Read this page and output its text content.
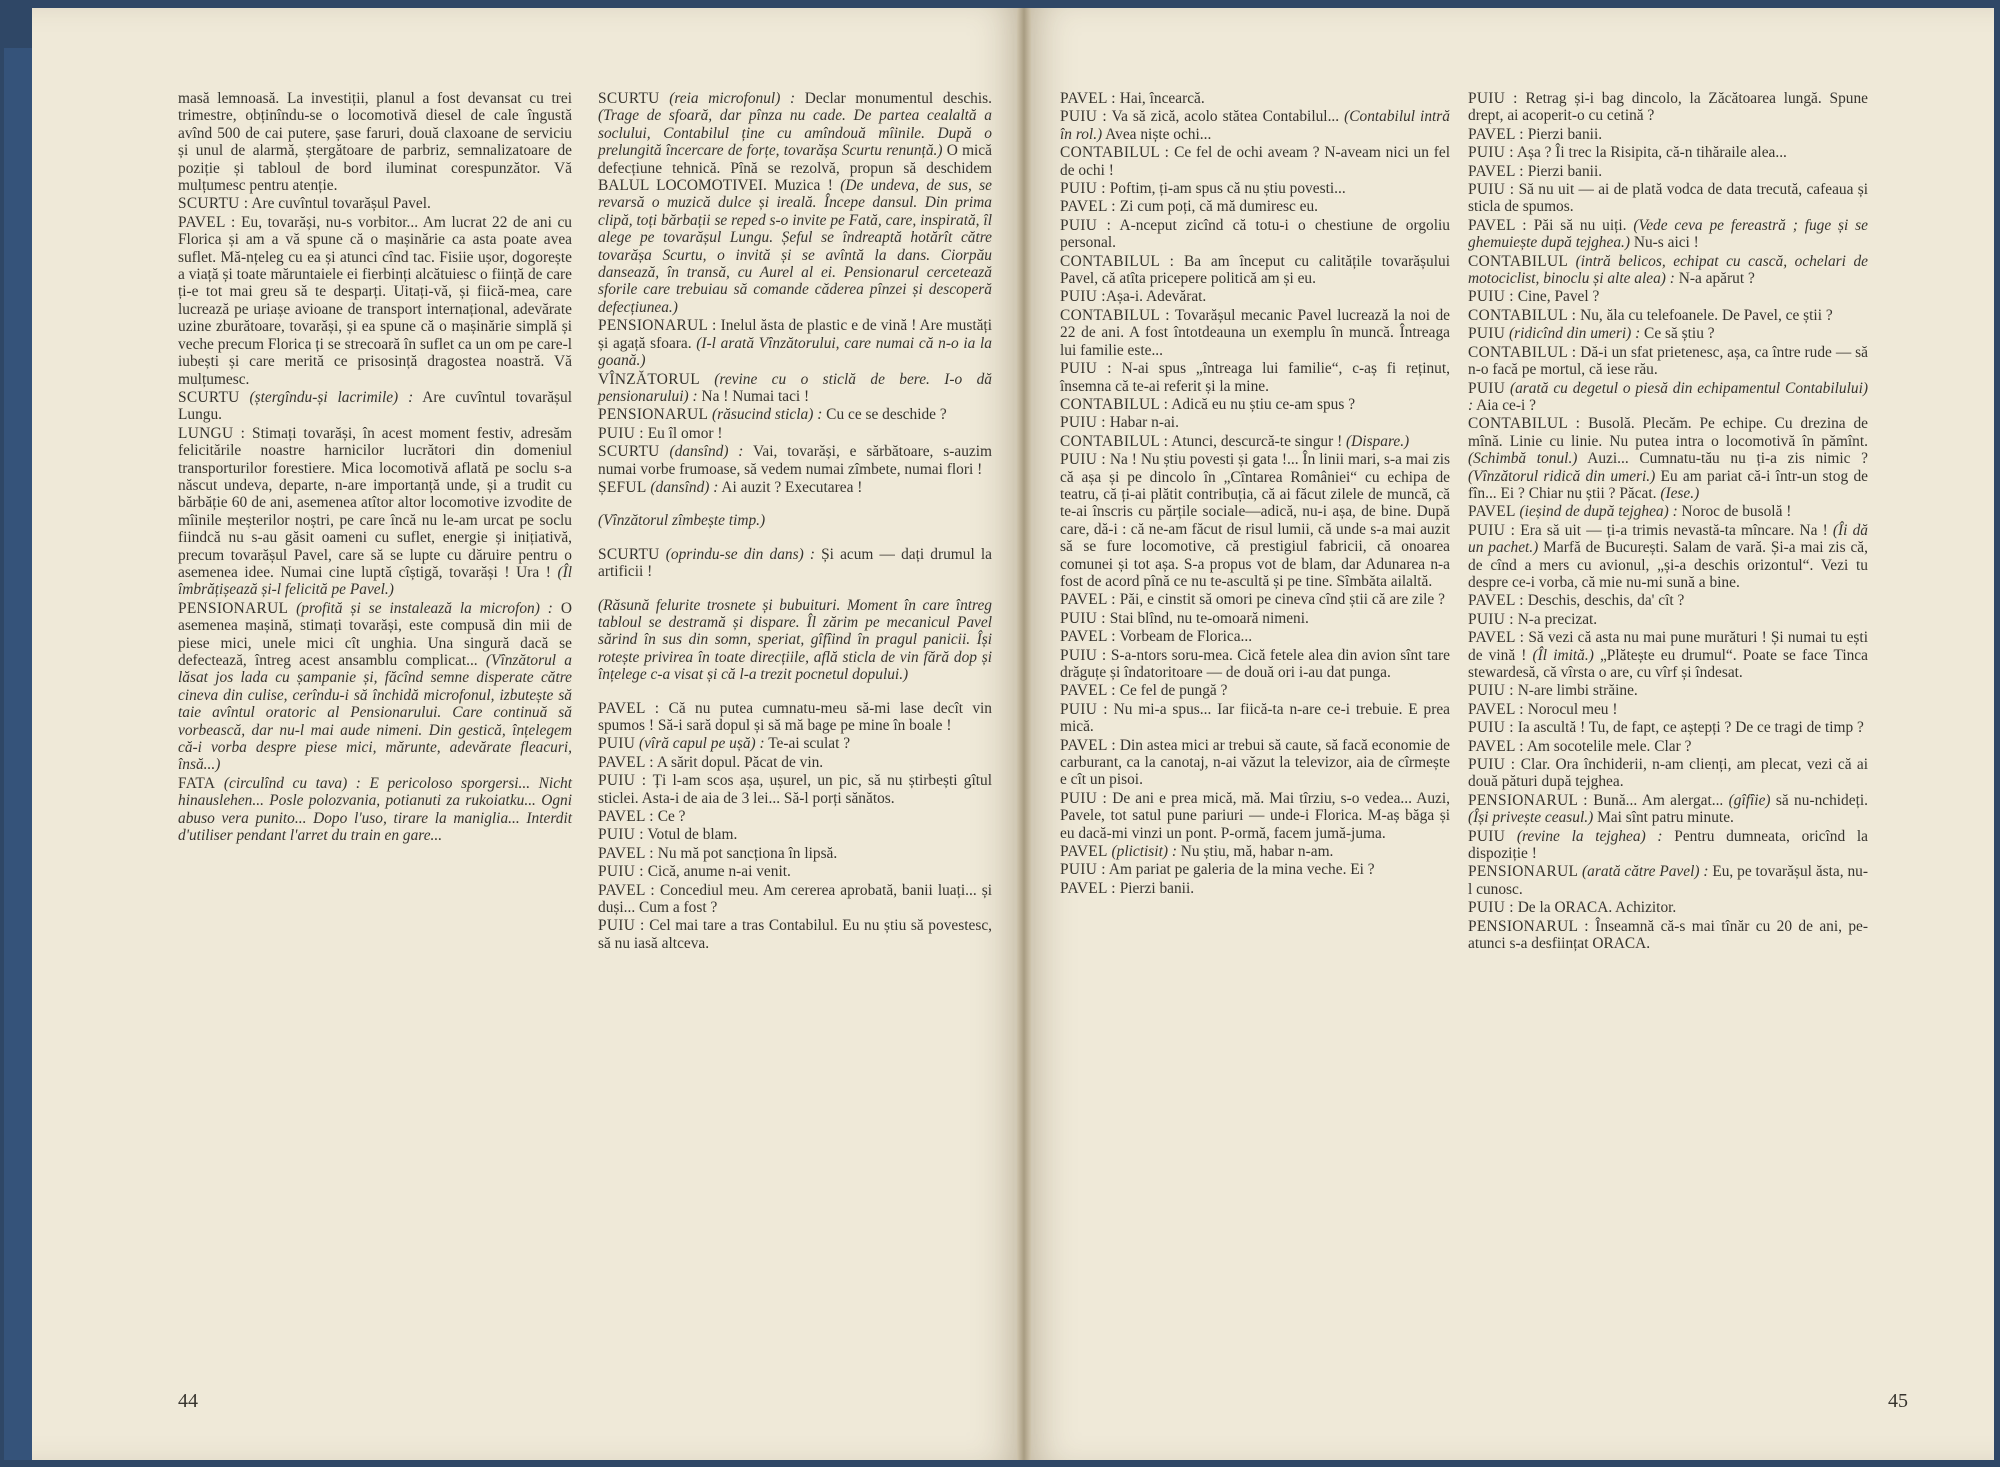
masă lemnoasă. La investiții, planul a fost devansat cu trei trimestre, obținîndu-se o locomotivă diesel de cale îngustă avînd 500 de cai putere, șase faruri, două claxoane de serviciu și unul de alarmă, ștergătoare de parbriz, semnalizatoare de poziție și tabloul de bord iluminat corespunzător. Vă mulțumesc pentru atenție.

SCURTU : Are cuvîntul tovarășul Pavel.

PAVEL : Eu, tovarăși, nu-s vorbitor... Am lucrat 22 de ani cu Florica și am a vă spune că o mașinărie ca asta poate avea suflet. Mă-nțeleg cu ea și atunci cînd tac. Fisiie ușor, dogorește a viață și toate măruntaiele ei fierbinți alcătuiesc o ființă de care ți-e tot mai greu să te desparți. Uitați-vă, și fiică-mea, care lucrează pe uriașe avioane de transport internațional, adevărate uzine zburătoare, tovarăși, și ea spune că o mașinărie simplă și veche precum Florica ți se strecoară în suflet ca un om pe care-l iubești și care merită ce prisosință dragostea noastră. Vă mulțumesc.

SCURTU (ștergîndu-și lacrimile) : Are cuvîntul tovarășul Lungu.

LUNGU : Stimați tovarăși, în acest moment festiv, adresăm felicitările noastre harnicilor lucrători din domeniul transporturilor forestiere. Mica locomotivă aflată pe soclu s-a născut undeva, departe, n-are importanță unde, și a trudit cu bărbăție 60 de ani, asemenea atîtor altor locomotive izvodite de mîinile meșterilor noștri, pe care încă nu le-am urcat pe soclu fiindcă nu s-au găsit oameni cu suflet, energie și inițiativă, precum tovarășul Pavel, care să se lupte cu dăruire pentru o asemenea idee. Numai cine luptă cîștigă, tovarăși ! Ura ! (Îl îmbrățișează și-l felicită pe Pavel.)

PENSIONARUL (profită și se instalează la microfon) : O asemenea mașină, stimați tovarăși, este compusă din mii de piese mici, unele mici cît unghia. Una singură dacă se defectează, întreg acest ansamblu complicat... (Vînzătorul a lăsat jos lada cu șampanie și, făcînd semne disperate către cineva din culise, cerîndu-i să închidă microfonul, izbutește să taie avîntul oratoric al Pensionarului. Care continuă să vorbească, dar nu-l mai aude nimeni. Din gestică, înțelegem că-i vorba despre piese mici, mărunte, adevărate fleacuri, însă...)

FATA (circulînd cu tava) : E pericoloso sporgersi... Nicht hinauslehen... Posle polozvania, potianuti za rukoiatku... Ogni abuso vera punito... Dopo l'uso, tirare la maniglia... Interdit d'utiliser pendant l'arret du train en gare...

SCURTU (reia microfonul) : Declar monumentul deschis. (Trage de sfoară, dar pînza nu cade. De partea cealaltă a soclului, Contabilul ține cu amîndouă mîinile. După o prelungită încercare de forțe, tovarășa Scurtu renunță.) O mică defecțiune tehnică. Pînă se rezolvă, propun să deschidem BALUL LOCOMOTIVEI. Muzica ! (De undeva, de sus, se revarsă o muzică dulce și ireală. Începe dansul. Din prima clipă, toți bărbații se reped s-o invite pe Fată, care, inspirată, îl alege pe tovarășul Lungu. Șeful se îndreaptă hotărît către tovarășa Scurtu, o invită și se avîntă la dans. Ciorpău dansează, în transă, cu Aurel al ei. Pensionarul cercetează sforile care trebuiau să comande căderea pînzei și descoperă defecțiunea.)

PENSIONARUL : Inelul ăsta de plastic e de vină ! Are mustăți și agață sfoara. (I-l arată Vînzătorului, care numai că n-o ia la goană.)

VÎNZĂTORUL (revine cu o sticlă de bere. I-o dă pensionarului) : Na ! Numai taci !

PENSIONARUL (răsucind sticla) : Cu ce se deschide ?

PUIU : Eu îl omor !

SCURTU (dansînd) : Vai, tovarăși, e sărbătoare, s-auzim numai vorbe frumoase, să vedem numai zîmbete, numai flori !

ȘEFUL (dansînd) : Ai auzit ? Executarea !

(Vînzătorul zîmbește timp.)

SCURTU (oprindu-se din dans) : Și acum — dați drumul la artificii !

(Răsună felurite trosnete și bubuituri. Moment în care întreg tabloul se destramă și dispare. Îl zărim pe mecanicul Pavel sărind în sus din somn, speriat, gîfîind în pragul panicii. Își rotește privirea în toate direcțiile, află sticla de vin fără dop și înțelege c-a visat și că l-a trezit pocnetul dopului.)

PAVEL : Că nu putea cumnatu-meu să-mi lase decît vin spumos ! Să-i sară dopul și să mă bage pe mine în boale !

PUIU (vîră capul pe ușă) : Te-ai sculat ?

PAVEL : A sărit dopul. Păcat de vin.

PUIU : Ți l-am scos așa, ușurel, un pic, să nu știrbești gîtul sticlei. Asta-i de aia de 3 lei... Să-l porți sănătos.

PAVEL : Ce ?

PUIU : Votul de blam.

PAVEL : Nu mă pot sancționa în lipsă.

PUIU : Cică, anume n-ai venit.

PAVEL : Concediul meu. Am cererea aprobată, banii luați... și duși... Cum a fost ?

PUIU : Cel mai tare a tras Contabilul. Eu nu știu să povestesc, să nu iasă altceva.

PAVEL : Hai, încearcă.

PUIU : Va să zică, acolo stătea Contabilul... (Contabilul intră în rol.) Avea niște ochi...

CONTABILUL : Ce fel de ochi aveam ? N-aveam nici un fel de ochi !

PUIU : Poftim, ți-am spus că nu știu povesti...

PAVEL : Zi cum poți, că mă dumiresc eu.

PUIU : A-nceput zicînd că totu-i o chestiune de orgoliu personal.

CONTABILUL : Ba am început cu calitățile tovarășului Pavel, că atîta pricepere politică am și eu.

PUIU :Așa-i. Adevărat.

CONTABILUL : Tovarășul mecanic Pavel lucrează la noi de 22 de ani. A fost întotdeauna un exemplu în muncă. Întreaga lui familie este...

PUIU : N-ai spus „întreaga lui familie“, c-aș fi reținut, însemna că te-ai referit și la mine.

CONTABILUL : Adică eu nu știu ce-am spus ?

PUIU : Habar n-ai.

CONTABILUL : Atunci, descurcă-te singur ! (Dispare.)

PUIU : Na ! Nu știu povesti și gata !... În linii mari, s-a mai zis că așa și pe dincolo în „Cîntarea României“ cu echipa de teatru, că ți-ai plătit contribuția, că ai făcut zilele de muncă, că te-ai înscris cu părțile sociale—adică, nu-i așa, de bine. După care, dă-i : că ne-am făcut de risul lumii, că unde s-a mai auzit să se fure locomotive, că prestigiul fabricii, că onoarea comunei și tot așa. S-a propus vot de blam, dar Adunarea n-a fost de acord pînă ce nu te-ascultă și pe tine. Sîmbăta ailaltă.

PAVEL : Păi, e cinstit să omori pe cineva cînd știi că are zile ?

PUIU : Stai blînd, nu te-omoară nimeni.

PAVEL : Vorbeam de Florica...

PUIU : S-a-ntors soru-mea. Cică fetele alea din avion sînt tare drăguțe și îndatoritoare — de două ori i-au dat punga.

PAVEL : Ce fel de pungă ?

PUIU : Nu mi-a spus... Iar fiică-ta n-are ce-i trebuie. E prea mică.

PAVEL : Din astea mici ar trebui să caute, să facă economie de carburant, ca la canotaj, n-ai văzut la televizor, aia de cîrmește e cît un pisoi.

PUIU : De ani e prea mică, mă. Mai tîrziu, s-o vedea... Auzi, Pavele, tot satul pune pariuri — unde-i Florica. M-aș băga și eu dacă-mi vinzi un pont. P-ormă, facem jumă-juma.

PAVEL (plictisit) : Nu știu, mă, habar n-am.

PUIU : Am pariat pe galeria de la mina veche. Ei ?

PAVEL : Pierzi banii.

PUIU : Retrag și-i bag dincolo, la Zăcătoarea lungă. Spune drept, ai acoperit-o cu cetină ?

PAVEL : Pierzi banii.

PUIU : Așa ? Îi trec la Risipita, că-n tihăraile alea...

PAVEL : Pierzi banii.

PUIU : Să nu uit — ai de plată vodca de data trecută, cafeaua și sticla de spumos.

PAVEL : Păi să nu uiți. (Vede ceva pe fereastră ; fuge și se ghemuiește după tejghea.) Nu-s aici !

CONTABILUL (intră belicos, echipat cu cască, ochelari de motociclist, binoclu și alte alea) : N-a apărut ?

PUIU : Cine, Pavel ?

CONTABILUL : Nu, ăla cu telefoanele. De Pavel, ce știi ?

PUIU (ridicînd din umeri) : Ce să știu ?

CONTABILUL : Dă-i un sfat prietenesc, așa, ca între rude — să n-o facă pe mortul, că iese rău.

PUIU (arată cu degetul o piesă din echipamentul Contabilului) : Aia ce-i ?

CONTABILUL : Busolă. Plecăm. Pe echipe. Cu drezina de mînă. Linie cu linie. Nu putea intra o locomotivă în pămînt. (Schimbă tonul.) Auzi... Cumnatu-tău nu ți-a zis nimic ? (Vînzătorul ridică din umeri.) Eu am pariat că-i într-un stog de fîn... Ei ? Chiar nu știi ? Păcat. (Iese.)

PAVEL (ieșind de după tejghea) : Noroc de busolă !

PUIU : Era să uit — ți-a trimis nevastă-ta mîncare. Na ! (Îi dă un pachet.) Marfă de București. Salam de vară. Și-a mai zis că, de cînd a mers cu avionul, „și-a deschis orizontul“. Vezi tu despre ce-i vorba, că mie nu-mi sună a bine.

PAVEL : Deschis, deschis, da' cît ?

PUIU : N-a precizat.

PAVEL : Să vezi că asta nu mai pune murături ! Și numai tu ești de vină ! (Îl imită.) „Plătește eu drumul“. Poate se face Tinca stewardesă, că vîrsta o are, cu vîrf și îndesat.

PUIU : N-are limbi străine.

PAVEL : Norocul meu !

PUIU : Ia ascultă ! Tu, de fapt, ce aștepți ? De ce tragi de timp ?

PAVEL : Am socotelile mele. Clar ?

PUIU : Clar. Ora închiderii, n-am clienți, am plecat, vezi că ai două pături după tejghea.

PENSIONARUL : Bună... Am alergat... (gîfîie) să nu-nchideți. (Își privește ceasul.) Mai sînt patru minute.

PUIU (revine la tejghea) : Pentru dumneata, oricînd la dispoziție !

PENSIONARUL (arată către Pavel) : Eu, pe tovarășul ăsta, nu-l cunosc.

PUIU : De la ORACA. Achizitor.

PENSIONARUL : Înseamnă că-s mai tînăr cu 20 de ani, pe-atunci s-a desființat ORACA.

44	45
